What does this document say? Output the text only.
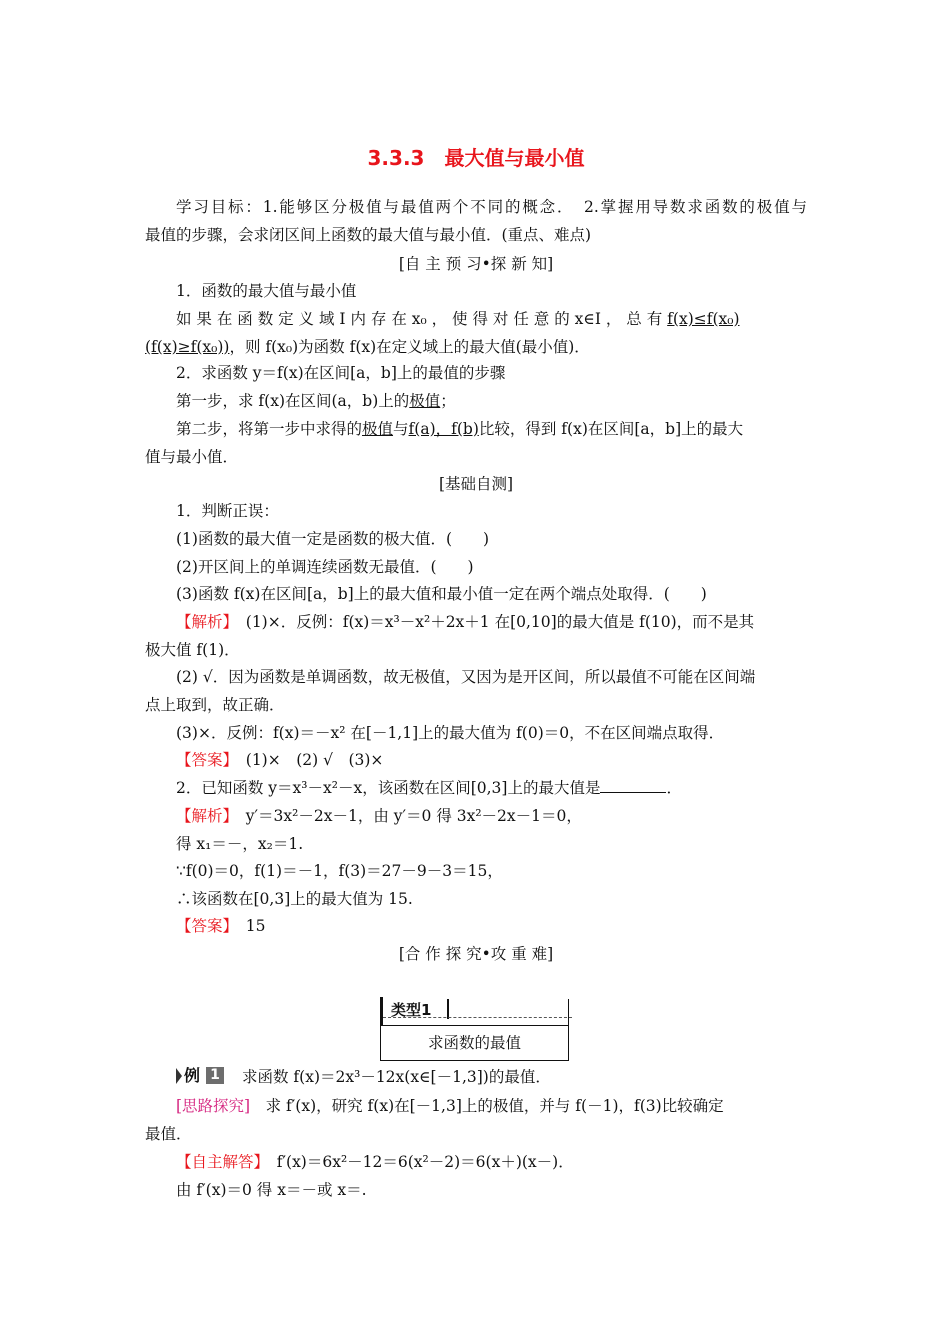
3.3.3　最大值与最小值
学习目标：1.能够区分极值与最值两个不同的概念．　2.掌握用导数求函数的极值与
最值的步骤，会求闭区间上函数的最大值与最小值．(重点、难点)
[自 主 预 习•探 新 知]
1．函数的最大值与最小值
如 果 在 函 数 定 义 域 I 内 存 在 x₀ ， 使 得 对 任 意 的 x∈I ， 总 有 f(x)≤f(x₀)
(f(x)≥f(x₀))，则 f(x₀)为函数 f(x)在定义域上的最大值(最小值)．
2．求函数 y＝f(x)在区间[a，b]上的最值的步骤
第一步，求 f(x)在区间(a，b)上的极值；
第二步，将第一步中求得的极值与f(a)，f(b)比较，得到 f(x)在区间[a，b]上的最大
值与最小值．
[基础自测]
1．判断正误：
(1)函数的最大值一定是函数的极大值．(　　)
(2)开区间上的单调连续函数无最值．(　　)
(3)函数 f(x)在区间[a，b]上的最大值和最小值一定在两个端点处取得．(　　)
【解析】　(1)×．反例：f(x)＝x³－x²＋2x＋1 在[0,10]的最大值是 f(10)，而不是其
极大值 f(1)．
(2) √．因为函数是单调函数，故无极值，又因为是开区间，所以最值不可能在区间端
点上取到，故正确．
(3)×．反例：f(x)＝－x² 在[－1,1]上的最大值为 f(0)＝0，不在区间端点取得．
【答案】　(1)×　(2) √　(3)×
2．已知函数 y＝x³－x²－x，该函数在区间[0,3]上的最大值是	．
【解析】　y′＝3x²－2x－1，由 y′＝0 得 3x²－2x－1＝0，
得 x₁＝－，x₂＝1.
∵f(0)＝0，f(1)＝－1，f(3)＝27－9－3＝15，
∴该函数在[0,3]上的最大值为 15.
【答案】　15
[合 作 探 究•攻 重 难]
类型1
求函数的最值
例 1 求函数 f(x)＝2x³－12x(x∈[－1,3])的最值．
[思路探究]　求 f′(x)，研究 f(x)在[－1,3]上的极值，并与 f(－1)，f(3)比较确定
最值．
【自主解答】　f′(x)＝6x²－12＝6(x²－2)＝6(x＋)(x－)．
由 f′(x)＝0 得 x＝－或 x＝.
